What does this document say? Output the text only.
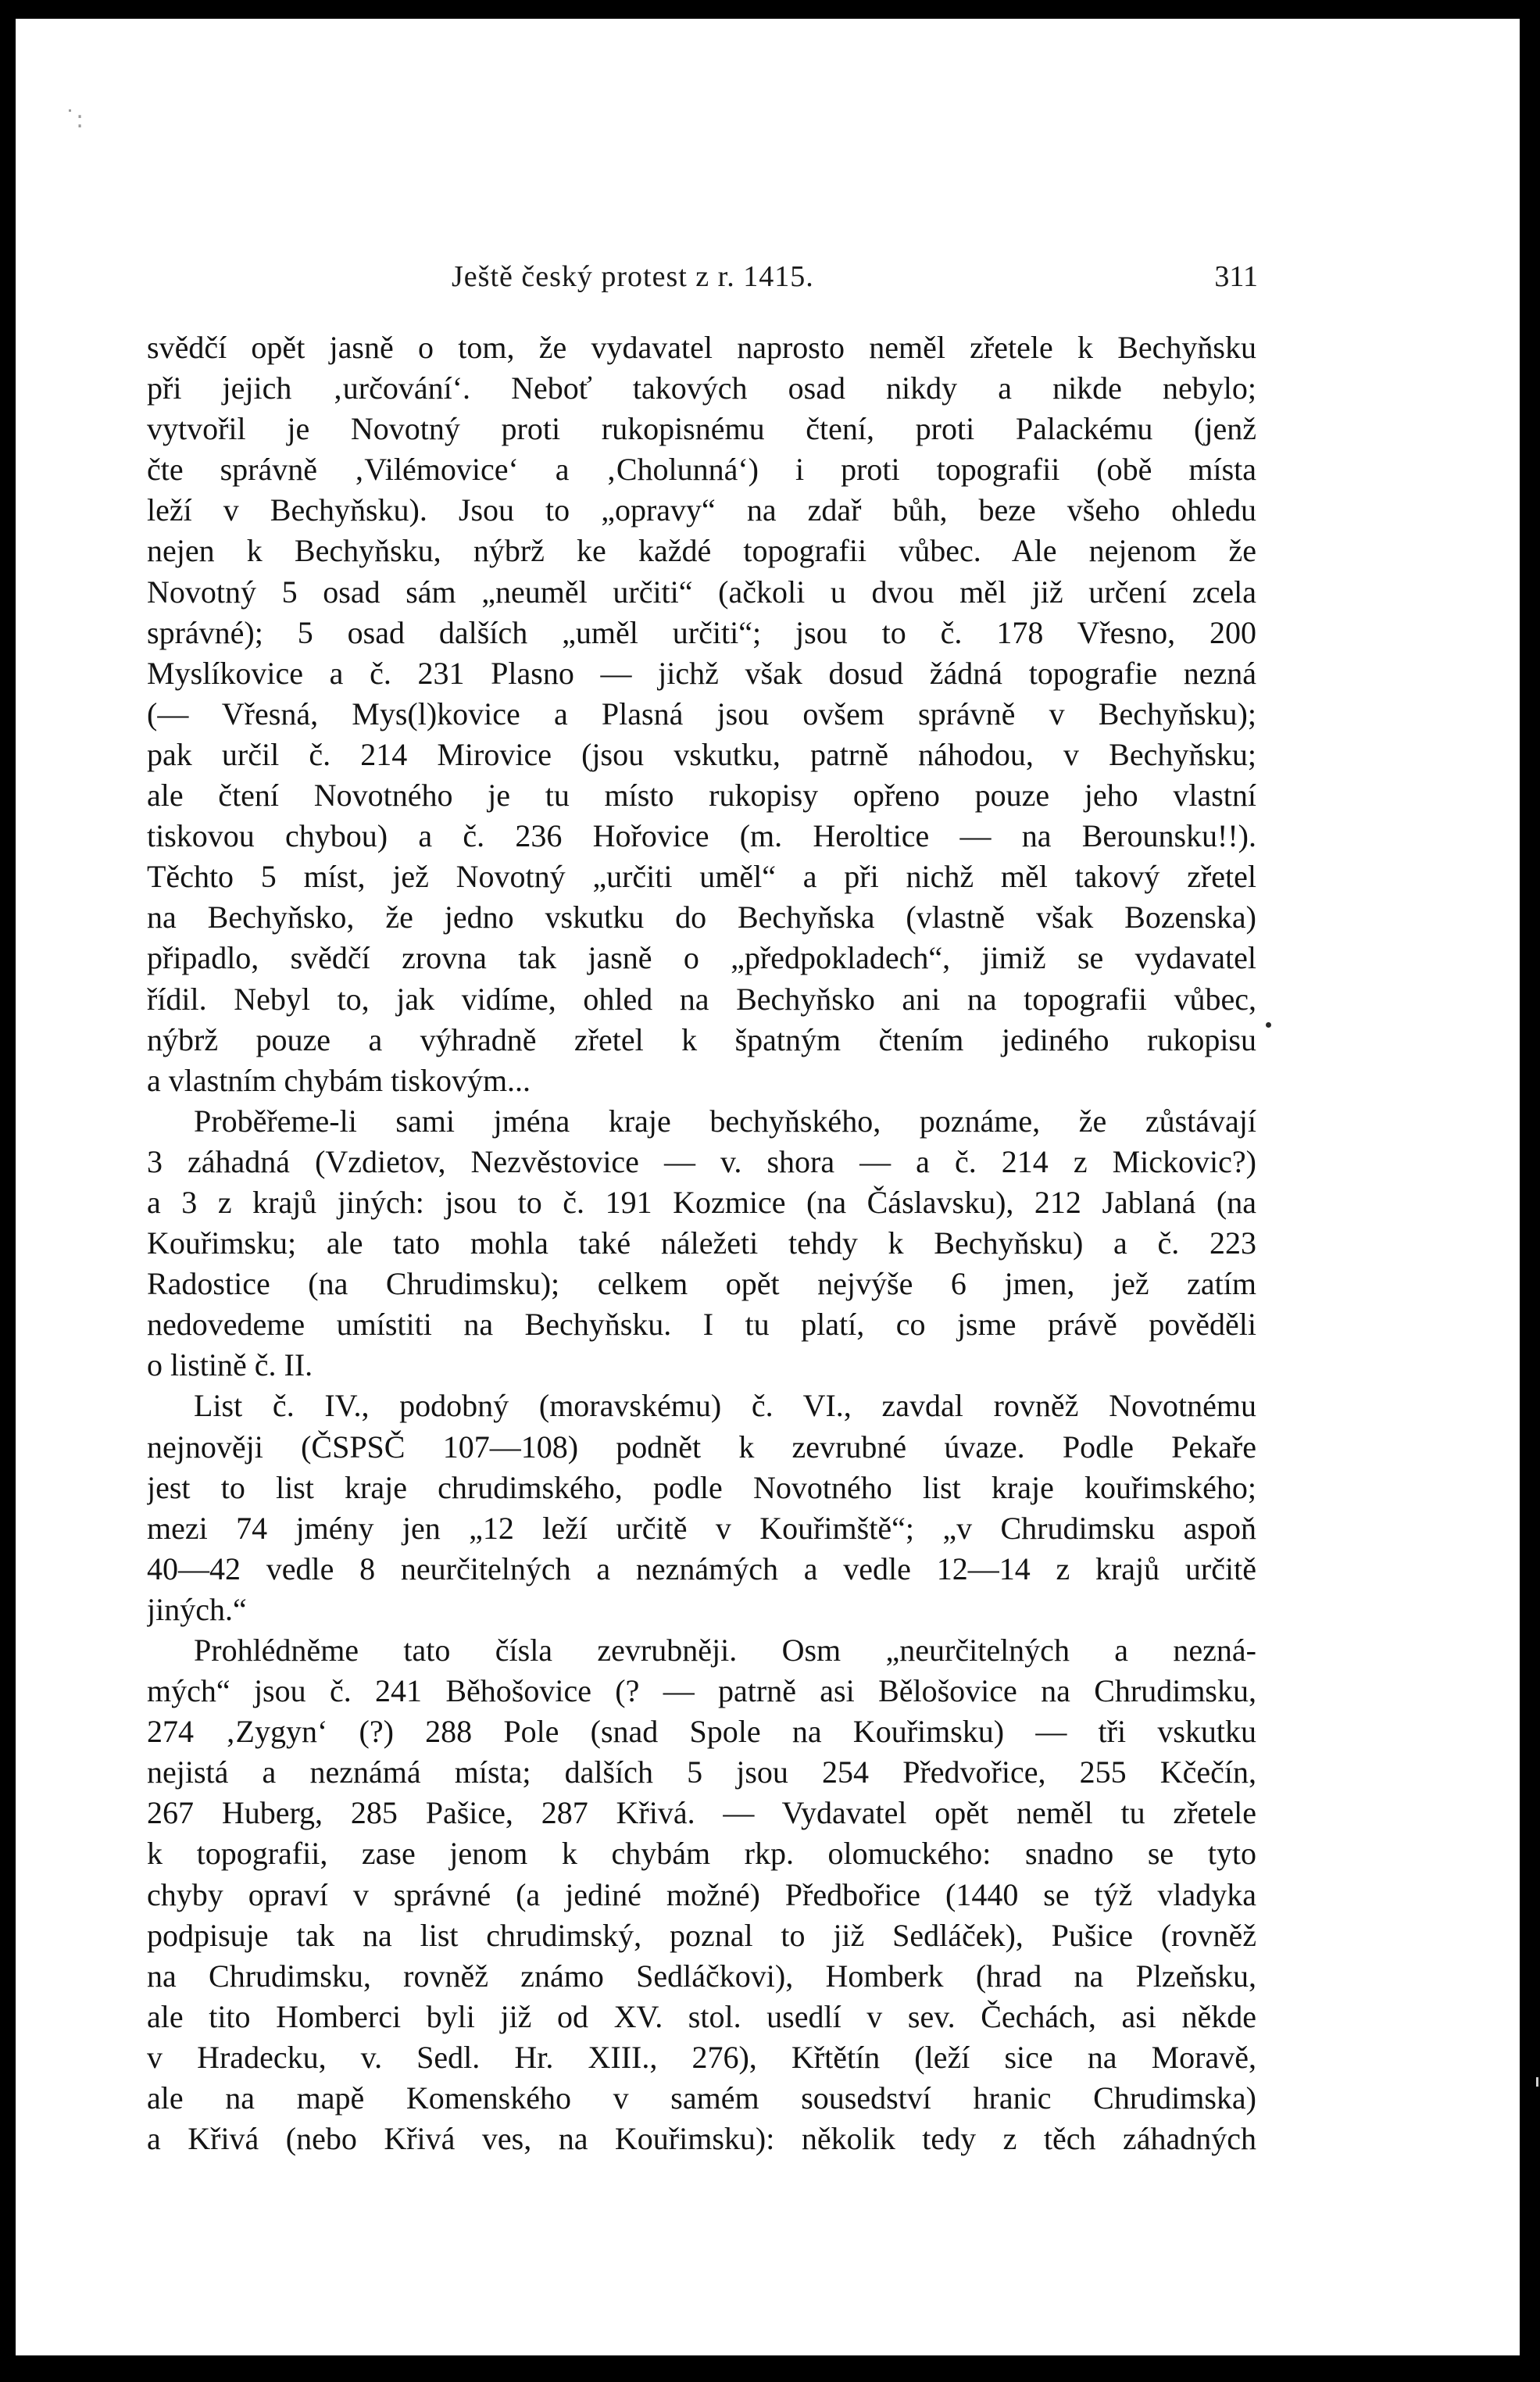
˙:
Ještě český protest z r. 1415.	311
svědčí opět jasně o tom, že vydavatel naprosto neměl zřetele k Bechyňsku
při jejich ‚určování‘. Neboť takových osad nikdy a nikde nebylo;
vytvořil je Novotný proti rukopisnému čtení, proti Palackému (jenž
čte správně ‚Vilémovice‘ a ‚Cholunná‘) i proti topografii (obě místa
leží v Bechyňsku). Jsou to „opravy“ na zdař bůh, beze všeho ohledu
nejen k Bechyňsku, nýbrž ke každé topografii vůbec. Ale nejenom že
Novotný 5 osad sám „neuměl určiti“ (ačkoli u dvou měl již určení zcela
správné); 5 osad dalších „uměl určiti“; jsou to č. 178 Vřesno, 200
Myslíkovice a č. 231 Plasno — jichž však dosud žádná topografie nezná
(— Vřesná, Mys(l)kovice a Plasná jsou ovšem správně v Bechyňsku);
pak určil č. 214 Mirovice (jsou vskutku, patrně náhodou, v Bechyňsku;
ale čtení Novotného je tu místo rukopisy opřeno pouze jeho vlastní
tiskovou chybou) a č. 236 Hořovice (m. Heroltice — na Berounsku!!).
Těchto 5 míst, jež Novotný „určiti uměl“ a při nichž měl takový zřetel
na Bechyňsko, že jedno vskutku do Bechyňska (vlastně však Bozenska)
připadlo, svědčí zrovna tak jasně o „předpokladech“, jimiž se vydavatel
řídil. Nebyl to, jak vidíme, ohled na Bechyňsko ani na topografii vůbec,
nýbrž pouze a výhradně zřetel k špatným čtením jediného rukopisu
a vlastním chybám tiskovým...
Proběřeme-li sami jména kraje bechyňského, poznáme, že zůstávají
3 záhadná (Vzdietov, Nezvěstovice — v. shora — a č. 214 z Mickovic?)
a 3 z krajů jiných: jsou to č. 191 Kozmice (na Čáslavsku), 212 Jablaná (na
Kouřimsku; ale tato mohla také náležeti tehdy k Bechyňsku) a č. 223
Radostice (na Chrudimsku); celkem opět nejvýše 6 jmen, jež zatím
nedovedeme umístiti na Bechyňsku. I tu platí, co jsme právě pověděli
o listině č. II.
List č. IV., podobný (moravskému) č. VI., zavdal rovněž Novotnému
nejnověji (ČSPSČ 107—108) podnět k zevrubné úvaze. Podle Pekaře
jest to list kraje chrudimského, podle Novotného list kraje kouřimského;
mezi 74 jmény jen „12 leží určitě v Kouřimště“; „v Chrudimsku aspoň
40—42 vedle 8 neurčitelných a neznámých a vedle 12—14 z krajů určitě
jiných.“
Prohlédněme tato čísla zevrubněji. Osm „neurčitelných a nezná-
mých“ jsou č. 241 Běhošovice (? — patrně asi Bělošovice na Chrudimsku,
274 ‚Zygyn‘ (?) 288 Pole (snad Spole na Kouřimsku) — tři vskutku
nejistá a neznámá místa; dalších 5 jsou 254 Předvořice, 255 Kčečín,
267 Huberg, 285 Pašice, 287 Křivá. — Vydavatel opět neměl tu zřetele
k topografii, zase jenom k chybám rkp. olomuckého: snadno se tyto
chyby opraví v správné (a jediné možné) Předbořice (1440 se týž vladyka
podpisuje tak na list chrudimský, poznal to již Sedláček), Pušice (rovněž
na Chrudimsku, rovněž známo Sedláčkovi), Homberk (hrad na Plzeňsku,
ale tito Homberci byli již od XV. stol. usedlí v sev. Čechách, asi někde
v Hradecku, v. Sedl. Hr. XIII., 276), Křtětín (leží sice na Moravě,
ale na mapě Komenského v samém sousedství hranic Chrudimska)
a Křivá (nebo Křivá ves, na Kouřimsku): několik tedy z těch záhadných
